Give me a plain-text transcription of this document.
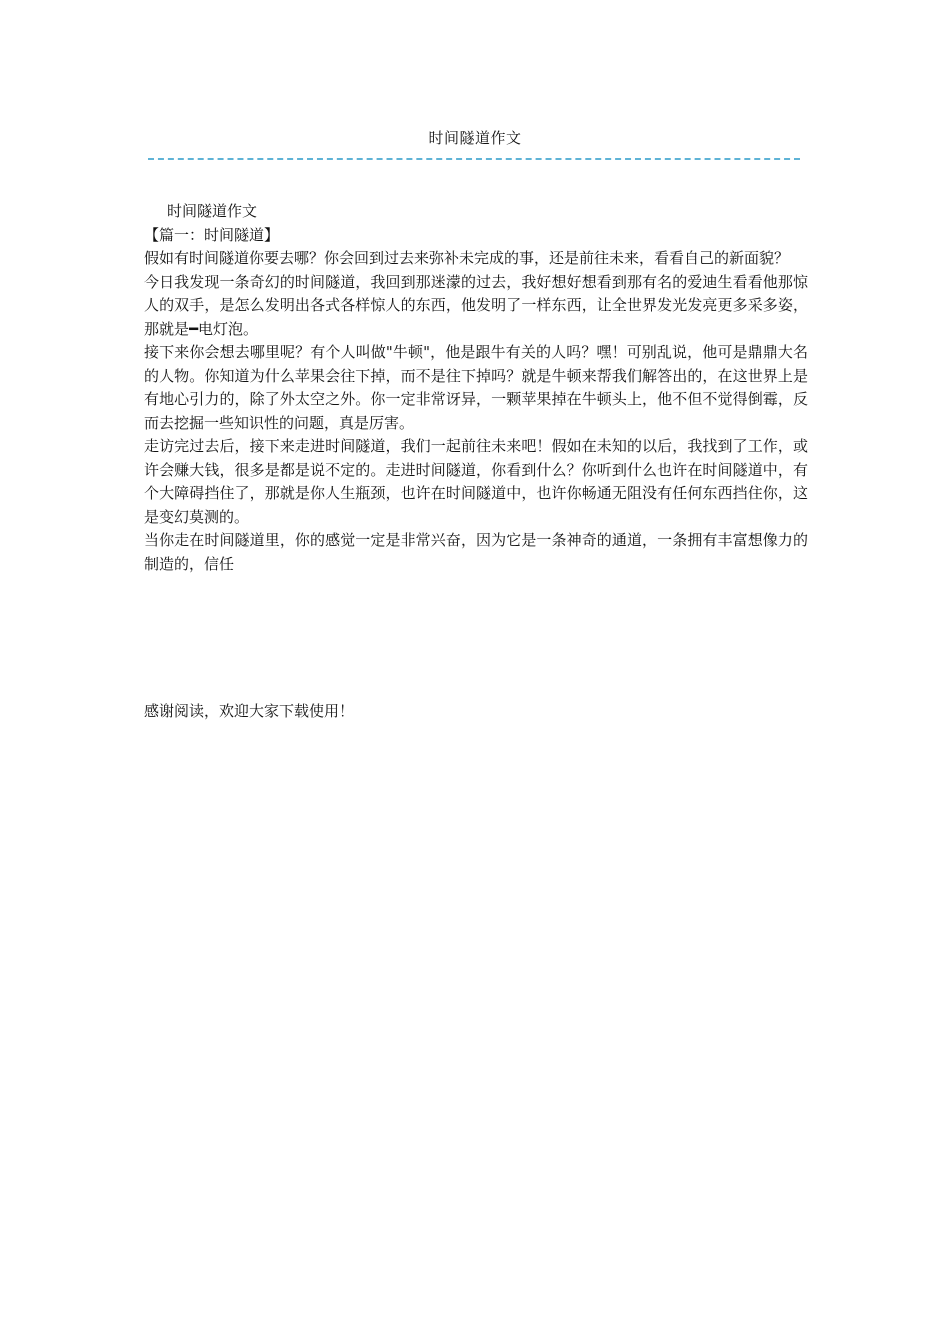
时间隧道作文

时间隧道作文

【篇一：时间隧道】

假如有时间隧道你要去哪？你会回到过去来弥补未完成的事，还是前往未来，看看自己的新面貌？

今日我发现一条奇幻的时间隧道，我回到那迷濛的过去，我好想好想看到那有名的爱迪生看看他那惊人的双手，是怎么发明出各式各样惊人的东西，他发明了一样东西，让全世界发光发亮更多采多姿，那就是━电灯泡。

接下来你会想去哪里呢？有个人叫做"牛顿"，他是跟牛有关的人吗？嘿！可别乱说，他可是鼎鼎大名的人物。你知道为什么苹果会往下掉，而不是往下掉吗？就是牛顿来帮我们解答出的，在这世界上是有地心引力的，除了外太空之外。你一定非常讶异，一颗苹果掉在牛顿头上，他不但不觉得倒霉，反而去挖掘一些知识性的问题，真是厉害。

走访完过去后，接下来走进时间隧道，我们一起前往未来吧！假如在未知的以后，我找到了工作，或许会赚大钱，很多是都是说不定的。走进时间隧道，你看到什么？你听到什么也许在时间隧道中，有个大障碍挡住了，那就是你人生瓶颈，也许在时间隧道中，也许你畅通无阻没有任何东西挡住你，这是变幻莫测的。

当你走在时间隧道里，你的感觉一定是非常兴奋，因为它是一条神奇的通道，一条拥有丰富想像力的制造的，信任

感谢阅读，欢迎大家下载使用！
